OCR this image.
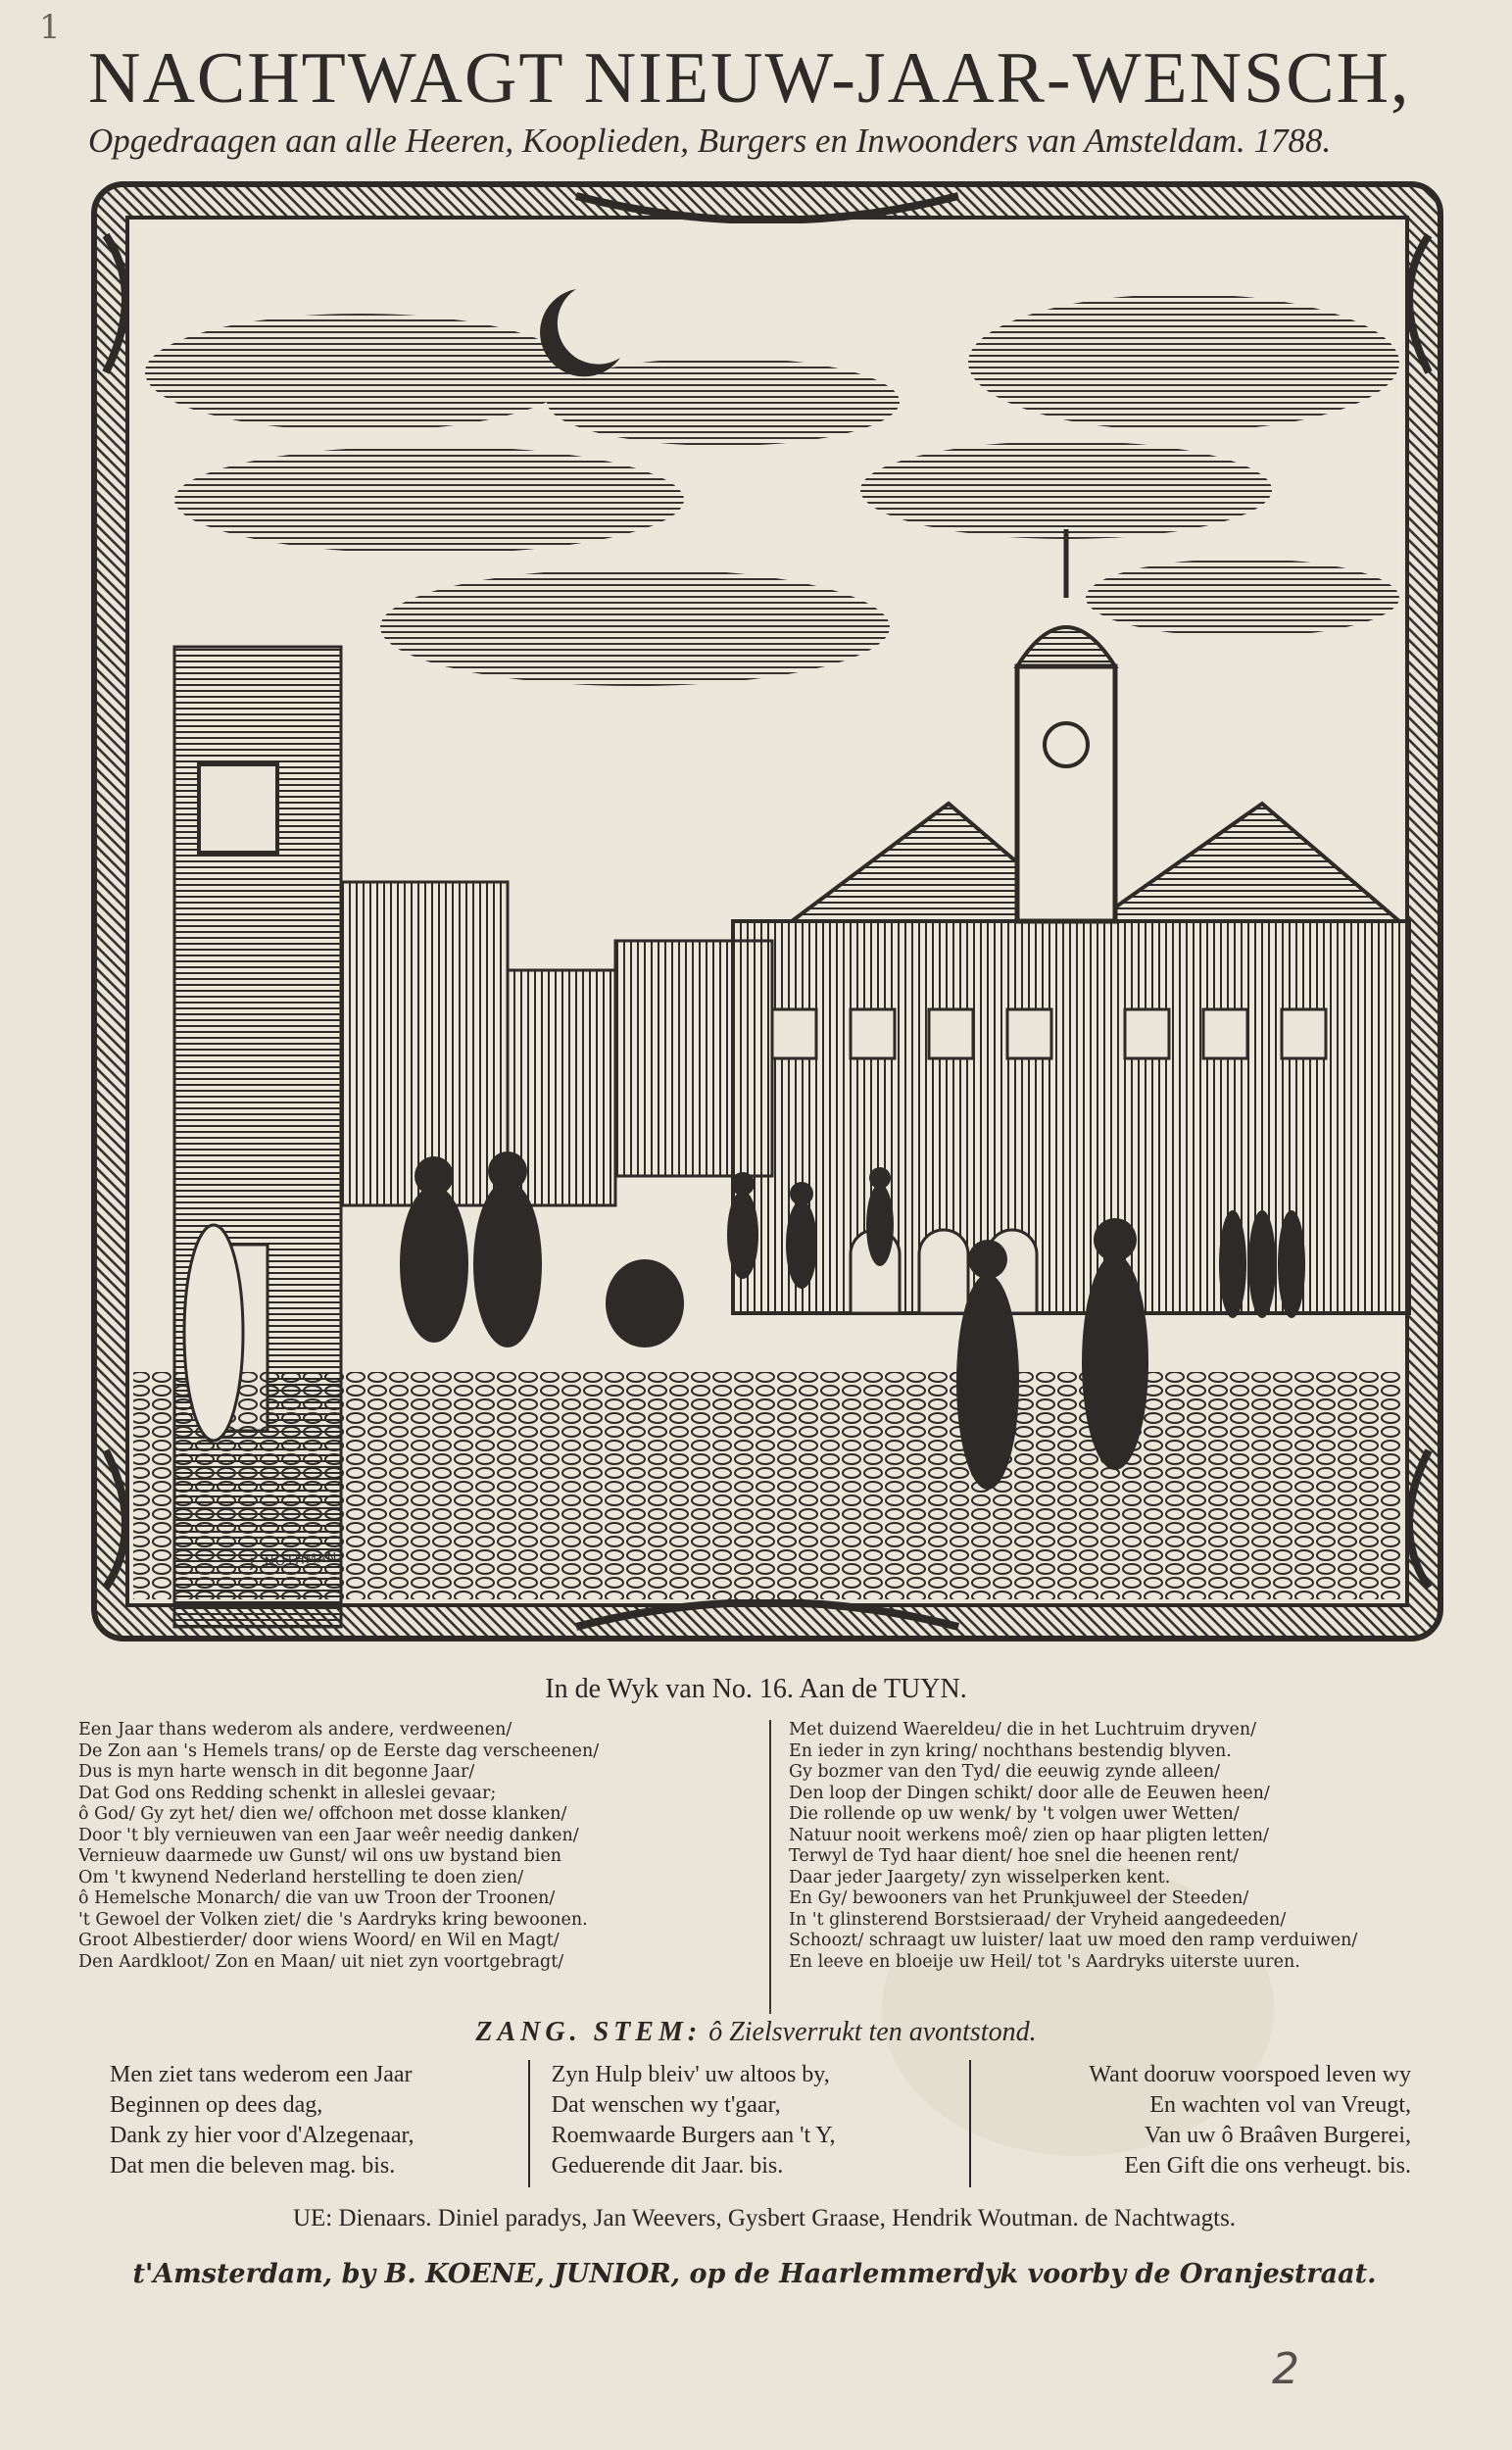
1
NACHTWAGT NIEUW-JAAR-WENSCH,
Opgedraagen aan alle Heeren, Kooplieden, Burgers en Inwoonders van Amsteldam. 1788.
J. NOTHMAN.
In de Wyk van No. 16. Aan de TUYN.
Een Jaar thans wederom als andere, verdweenen/
De Zon aan 's Hemels trans/ op de Eerste dag verscheenen/
Dus is myn harte wensch in dit begonne Jaar/
Dat God ons Redding schenkt in alleslei gevaar;
ô God/ Gy zyt het/ dien we/ offchoon met dosse klanken/
Door 't bly vernieuwen van een Jaar weêr needig danken/
Vernieuw daarmede uw Gunst/ wil ons uw bystand bien
Om 't kwynend Nederland herstelling te doen zien/
ô Hemelsche Monarch/ die van uw Troon der Troonen/
't Gewoel der Volken ziet/ die 's Aardryks kring bewoonen.
Groot Albestierder/ door wiens Woord/ en Wil en Magt/
Den Aardkloot/ Zon en Maan/ uit niet zyn voortgebragt/
Met duizend Waereldeu/ die in het Luchtruim dryven/
En ieder in zyn kring/ nochthans bestendig blyven.
Gy bozmer van den Tyd/ die eeuwig zynde alleen/
Den loop der Dingen schikt/ door alle de Eeuwen heen/
Die rollende op uw wenk/ by 't volgen uwer Wetten/
Natuur nooit werkens moê/ zien op haar pligten letten/
Terwyl de Tyd haar dient/ hoe snel die heenen rent/
Daar jeder Jaargety/ zyn wisselperken kent.
En Gy/ bewooners van het Prunkjuweel der Steeden/
In 't glinsterend Borstsieraad/ der Vryheid aangedeeden/
Schoozt/ schraagt uw luister/ laat uw moed den ramp verduiwen/
En leeve en bloeije uw Heil/ tot 's Aardryks uiterste uuren.
ZANG. STEM: ô Zielsverrukt ten avontstond.
Men ziet tans wederom een Jaar
Beginnen op dees dag,
Dank zy hier voor d'Alzegenaar,
Dat men die beleven mag. bis.
Zyn Hulp bleiv' uw altoos by,
Dat wenschen wy t'gaar,
Roemwaarde Burgers aan 't Y,
Geduerende dit Jaar. bis.
Want dooruw voorspoed leven wy
En wachten vol van Vreugt,
Van uw ô Braâven Burgerei,
Een Gift die ons verheugt. bis.
UE: Dienaars. Diniel paradys, Jan Weevers, Gysbert Graase, Hendrik Woutman. de Nachtwagts.
t'Amsterdam, by B. KOENE, JUNIOR, op de Haarlemmerdyk voorby de Oranjestraat.
2
